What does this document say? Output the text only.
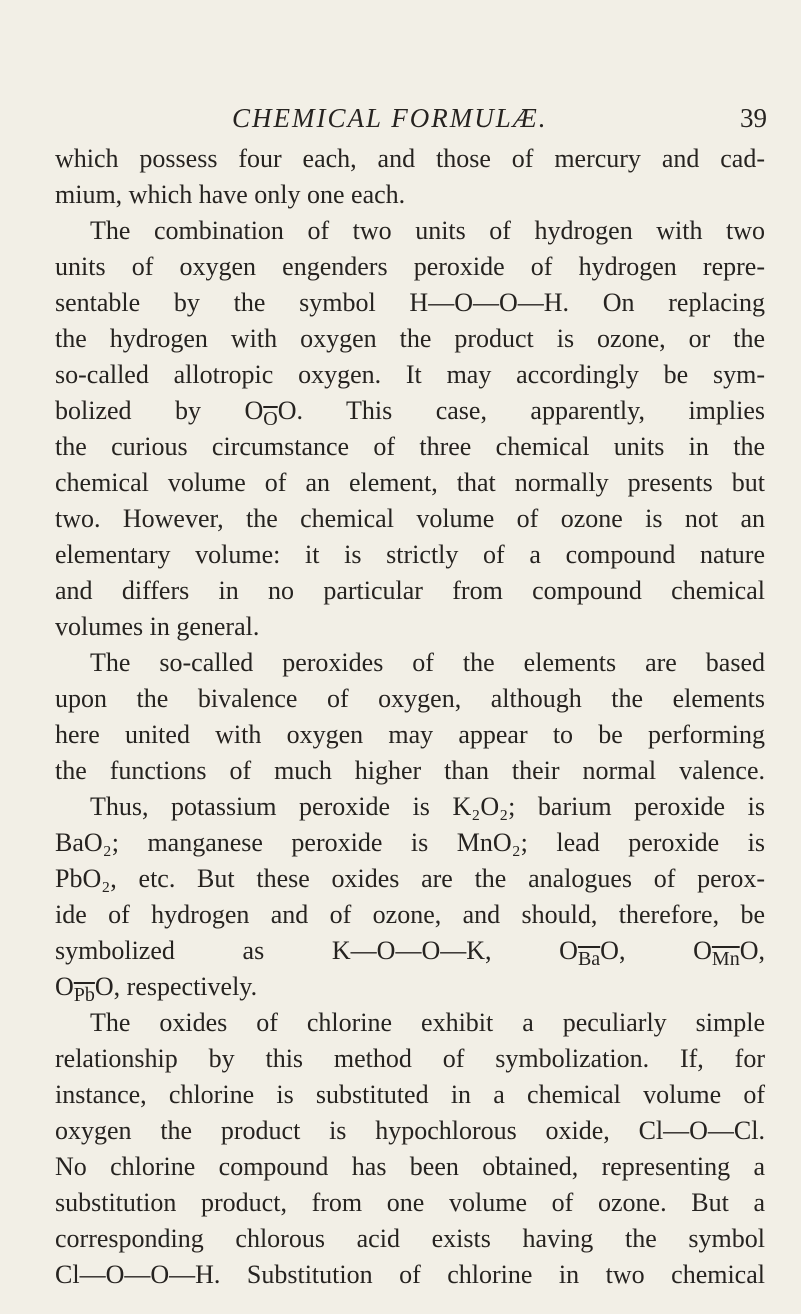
CHEMICAL FORMULÆ.	39
which possess four each, and those of mercury and cad-
mium, which have only one each.
The combination of two units of hydrogen with two
units of oxygen engenders peroxide of hydrogen repre-
sentable by the symbol H—O—O—H. On replacing
the hydrogen with oxygen the product is ozone, or the
so-called allotropic oxygen. It may accordingly be sym-
bolized by $O\overline{O}O$. This case, apparently, implies
the curious circumstance of three chemical units in the
chemical volume of an element, that normally presents but
two. However, the chemical volume of ozone is not an
elementary volume: it is strictly of a compound nature
and differs in no particular from compound chemical
volumes in general.
The so-called peroxides of the elements are based
upon the bivalence of oxygen, although the elements
here united with oxygen may appear to be performing
the functions of much higher than their normal valence.
Thus, potassium peroxide is K₂O₂; barium peroxide is
BaO₂; manganese peroxide is MnO₂; lead peroxide is
PbO₂, etc. But these oxides are the analogues of perox-
ide of hydrogen and of ozone, and should, therefore, be
symbolized as K—O—O—K, $O\overline{Ba}O$, $O\overline{Mn}O$,
$O\overline{Pb}O$, respectively.
The oxides of chlorine exhibit a peculiarly simple
relationship by this method of symbolization. If, for
instance, chlorine is substituted in a chemical volume of
oxygen the product is hypochlorous oxide, Cl—O—Cl.
No chlorine compound has been obtained, representing a
substitution product, from one volume of ozone. But a
corresponding chlorous acid exists having the symbol
Cl—O—O—H. Substitution of chlorine in two chemical
